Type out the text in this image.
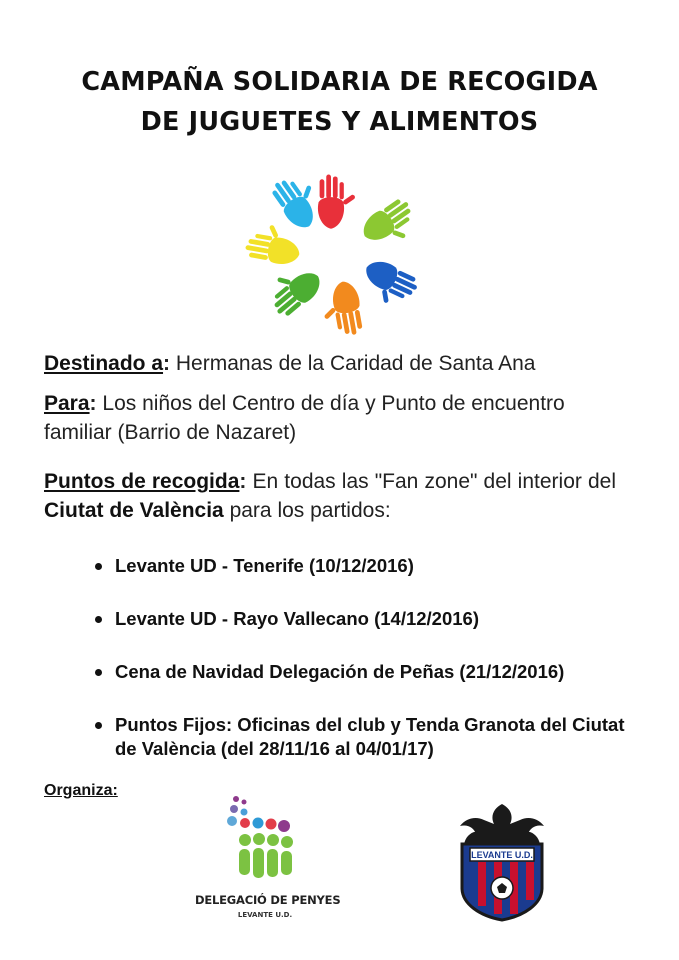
CAMPAÑA SOLIDARIA DE RECOGIDA
DE JUGUETES Y ALIMENTOS
Destinado a: Hermanas de la Caridad de Santa Ana
Para: Los niños del Centro de día y Punto de encuentro familiar (Barrio de Nazaret)
Puntos de recogida: En todas las "Fan zone" del interior del Ciutat de València para los partidos:
Levante UD - Tenerife (10/12/2016)
Levante UD - Rayo Vallecano (14/12/2016)
Cena de Navidad Delegación de Peñas (21/12/2016)
Puntos Fijos: Oficinas del club y Tenda Granota del Ciutat de València (del 28/11/16 al 04/01/17)
Organiza:
DELEGACIÓ DE PENYES
LEVANTE U.D.
LEVANTE U.D.
